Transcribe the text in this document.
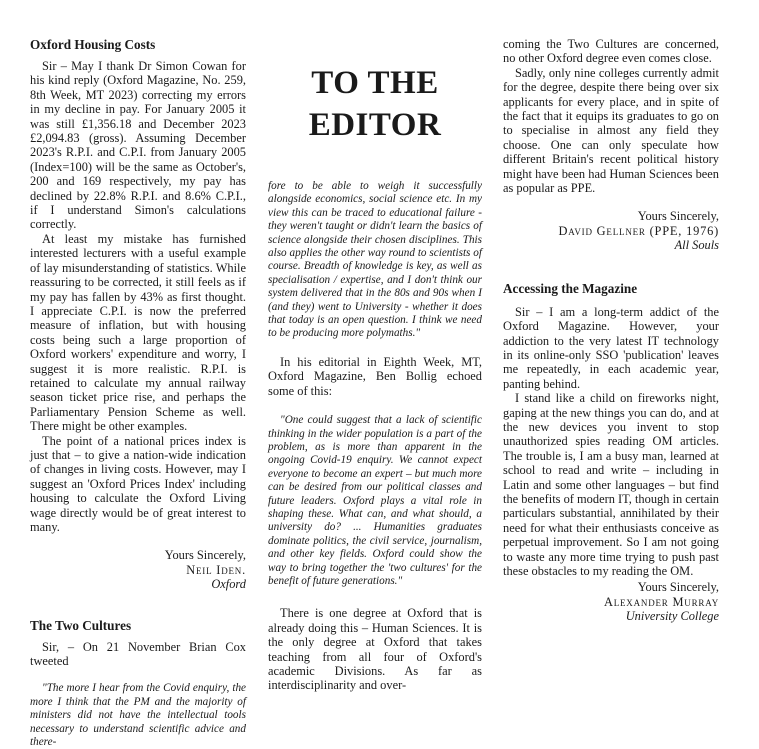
Oxford Housing Costs

Sir – May I thank Dr Simon Cowan for his kind reply (Oxford Magazine, No. 259, 8th Week, MT 2023) correcting my errors in my decline in pay. For January 2005 it was still £1,356.18 and December 2023 £2,094.83 (gross). Assuming December 2023's R.P.I. and C.P.I. from January 2005 (Index=100) will be the same as October's, 200 and 169 respectively, my pay has declined by 22.8% R.P.I. and 8.6% C.P.I., if I understand Simon's calculations correctly.

At least my mistake has furnished interested lecturers with a useful example of lay misunderstanding of statistics. While reassuring to be corrected, it still feels as if my pay has fallen by 43% as first thought. I appreciate C.P.I. is now the preferred measure of inflation, but with housing costs being such a large proportion of Oxford workers' expenditure and worry, I suggest it is more realistic. R.P.I. is retained to calculate my annual railway season ticket price rise, and perhaps the Parliamentary Pension Scheme as well. There might be other examples.

The point of a national prices index is just that – to give a nation-wide indication of changes in living costs. However, may I suggest an 'Oxford Prices Index' including housing to calculate the Oxford Living wage directly would be of great interest to many.

Yours Sincerely,
Neil Iden.
Oxford
The Two Cultures

Sir, – On 21 November Brian Cox tweeted

"The more I hear from the Covid enquiry, the more I think that the PM and the majority of ministers did not have the intellectual tools necessary to understand scientific advice and there-

TO THE EDITOR

fore to be able to weigh it successfully alongside economics, social science etc. In my view this can be traced to educational failure - they weren't taught or didn't learn the basics of science alongside their chosen disciplines. This also applies the other way round to scientists of course. Breadth of knowledge is key, as well as specialisation / expertise, and I don't think our system delivered that in the 80s and 90s when I (and they) went to University - whether it does that today is an open question. I think we need to be producing more polymaths."

In his editorial in Eighth Week, MT, Oxford Magazine, Ben Bollig echoed some of this:

"One could suggest that a lack of scientific thinking in the wider population is a part of the problem, as is more than apparent in the ongoing Covid-19 enquiry. We cannot expect everyone to become an expert – but much more can be desired from our political classes and future leaders. Oxford plays a vital role in shaping these. What can, and what should, a university do? ... Humanities graduates dominate politics, the civil service, journalism, and other key fields. Oxford could show the way to bring together the 'two cultures' for the benefit of future generations."

There is one degree at Oxford that is already doing this – Human Sciences. It is the only degree at Oxford that takes teaching from all four of Oxford's academic Divisions. As far as interdisciplinarity and over-

coming the Two Cultures are concerned, no other Oxford degree even comes close.

Sadly, only nine colleges currently admit for the degree, despite there being over six applicants for every place, and in spite of the fact that it equips its graduates to go on to specialise in almost any field they choose. One can only speculate how different Britain's recent political history might have been had Human Sciences been as popular as PPE.

Yours Sincerely,
David Gellner (PPE, 1976)
All Souls
Accessing the Magazine

Sir – I am a long-term addict of the Oxford Magazine. However, your addiction to the very latest IT technology in its online-only SSO 'publication' leaves me repeatedly, in each academic year, panting behind.

I stand like a child on fireworks night, gaping at the new things you can do, and at the new devices you invent to stop unauthorized spies reading OM articles. The trouble is, I am a busy man, learned at school to read and write – including in Latin and some other languages – but find the benefits of modern IT, though in certain particulars substantial, annihilated by their need for what their enthusiasts conceive as perpetual improvement. So I am not going to waste any more time trying to push past these obstacles to my reading the OM.

Yours Sincerely,
Alexander Murray
University College
